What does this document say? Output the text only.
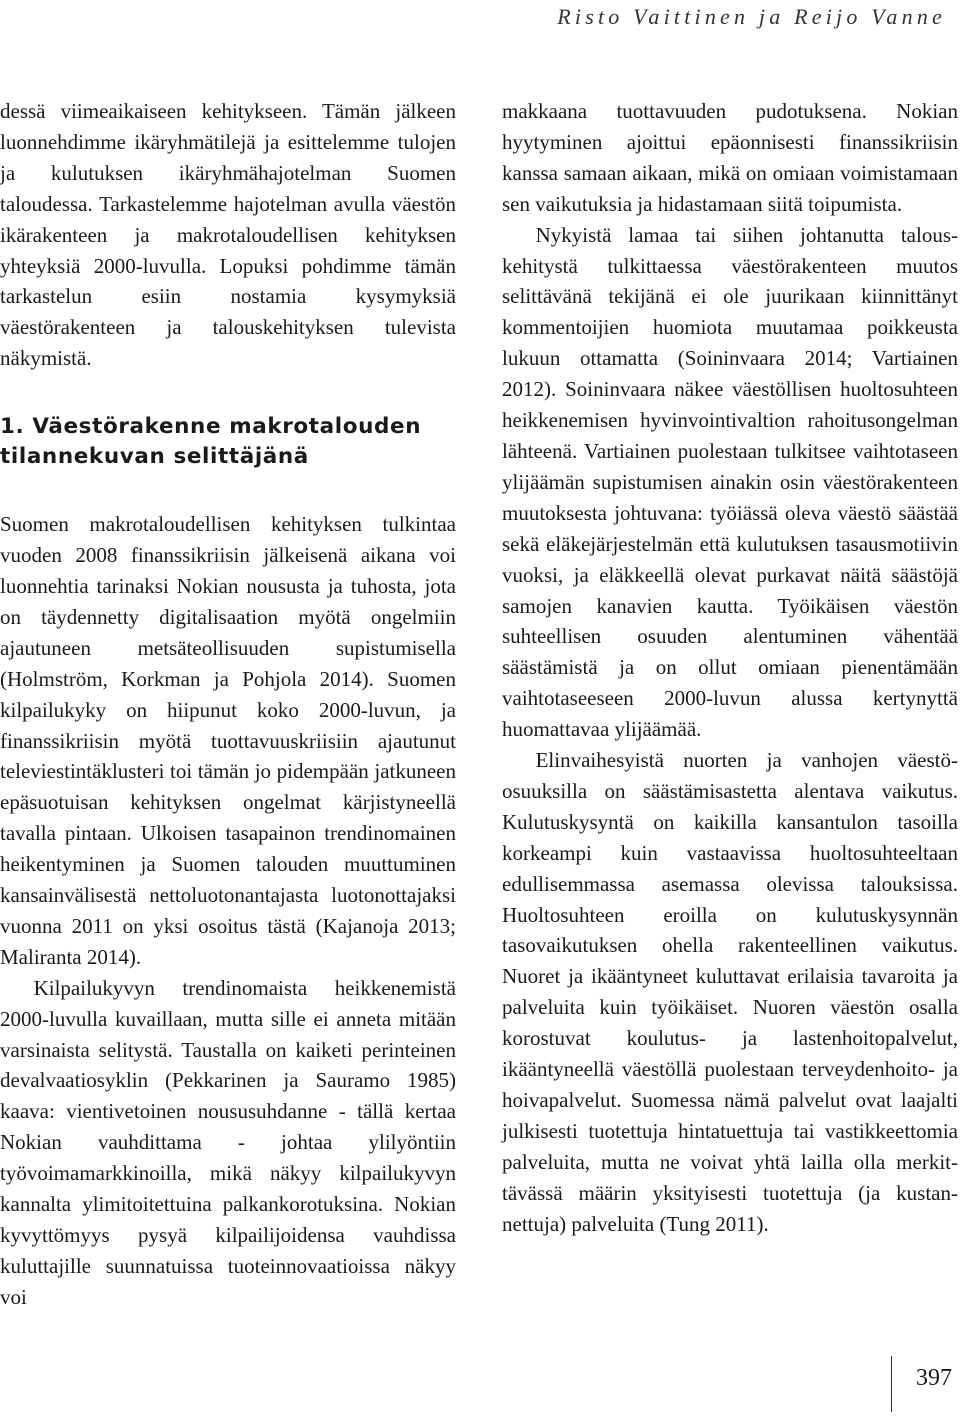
Risto Vaittinen ja Reijo Vanne

dessä viimeaikaiseen kehitykseen. Tämän jälkeen luonnehdimme ikäryhmätilejä ja esittelemme tulojen ja kulutuksen ikäryhmähajotelman Suomen taloudessa. Tarkastelemme hajotelman avulla väestön ikärakenteen ja makrotaloudellisen kehityksen yhteyksiä 2000-luvulla. Lopuksi pohdimme tämän tarkastelun esiin nostamia kysymyksiä väestörakenteen ja talouskehityksen tulevista näkymistä.

1. Väestörakenne makrotalouden tilannekuvan selittäjänä

Suomen makrotaloudellisen kehityksen tulkintaa vuoden 2008 finanssikriisin jälkeisenä aikana voi luonnehtia tarinaksi Nokian noususta ja tuhosta, jota on täydennetty digitalisaation myötä ongelmiin ajautuneen metsäteollisuuden supistumisella (Holmström, Korkman ja Pohjola 2014). Suomen kilpailukyky on hiipunut koko 2000-luvun, ja finanssikriisin myötä tuottavuuskriisiin ajautunut televiestintäklusteri toi tämän jo pidempään jatkuneen epäsuotuisan kehityksen ongelmat kärjistyneellä tavalla pintaan. Ulkoisen tasapainon trendinomainen heikentyminen ja Suomen talouden muuttuminen kansainvälisestä nettoluotonantajasta luotonottajaksi vuonna 2011 on yksi osoitus tästä (Kajanoja 2013; Maliranta 2014).

Kilpailukyvyn trendinomaista heikkenemistä 2000-luvulla kuvaillaan, mutta sille ei anneta mitään varsinaista selitystä. Taustalla on kaiketi perinteinen devalvaatiosyklin (Pekkarinen ja Sauramo 1985) kaava: vientivetoinen noususuhdanne - tällä kertaa Nokian vauhdittama - johtaa ylilyöntiin työvoimamarkkinoilla, mikä näkyy kilpailukyvyn kannalta ylimitoitettuina palkankorotuksina. Nokian kyvyttömyys pysyä kilpailijoidensa vauhdissa kuluttajille suunnatuissa tuoteinnovaatioissa näkyy voi

makkaana tuottavuuden pudotuksena. Nokian hyytyminen ajoittui epäonnisesti finanssikriisin kanssa samaan aikaan, mikä on omiaan voimistamaan sen vaikutuksia ja hidastamaan siitä toipumista.

Nykyistä lamaa tai siihen johtanutta talouskehitystä tulkittaessa väestörakenteen muutos selittävänä tekijänä ei ole juurikaan kiinnittänyt kommentoijien huomiota muutamaa poikkeusta lukuun ottamatta (Soininvaara 2014; Vartiainen 2012). Soininvaara näkee väestöllisen huoltosuhteen heikkenemisen hyvinvointivaltion rahoitusongelman lähteenä. Vartiainen puolestaan tulkitsee vaihtotaseen ylijäämän supistumisen ainakin osin väestörakenteen muutoksesta johtuvana: työiässä oleva väestö säästää sekä eläkejärjestelmän että kulutuksen tasausmotiivin vuoksi, ja eläkkeellä olevat purkavat näitä säästöjä samojen kanavien kautta. Työikäisen väestön suhteellisen osuuden alentuminen vähentää säästämistä ja on ollut omiaan pienentämään vaihtotaseeseen 2000-luvun alussa kertynyttä huomattavaa ylijäämää.

Elinvaihesyistä nuorten ja vanhojen väestöosuuksilla on säästämisastetta alentava vaikutus. Kulutuskysyntä on kaikilla kansantulon tasoilla korkeampi kuin vastaavissa huoltosuhteeltaan edullisemmassa asemassa olevissa talouksissa. Huoltosuhteen eroilla on kulutuskysynnän tasovaikutuksen ohella rakenteellinen vaikutus. Nuoret ja ikääntyneet kuluttavat erilaisia tavaroita ja palveluita kuin työikäiset. Nuoren väestön osalla korostuvat koulutus- ja lastenhoitopalvelut, ikääntyneellä väestöllä puolestaan terveydenhoito- ja hoivapalvelut. Suomessa nämä palvelut ovat laajalti julkisesti tuotettuja hintatuettuja tai vastikkeettomia palveluita, mutta ne voivat yhtä lailla olla merkittävässä määrin yksityisesti tuotettuja (ja kustannettuja) palveluita (Tung 2011).

397
